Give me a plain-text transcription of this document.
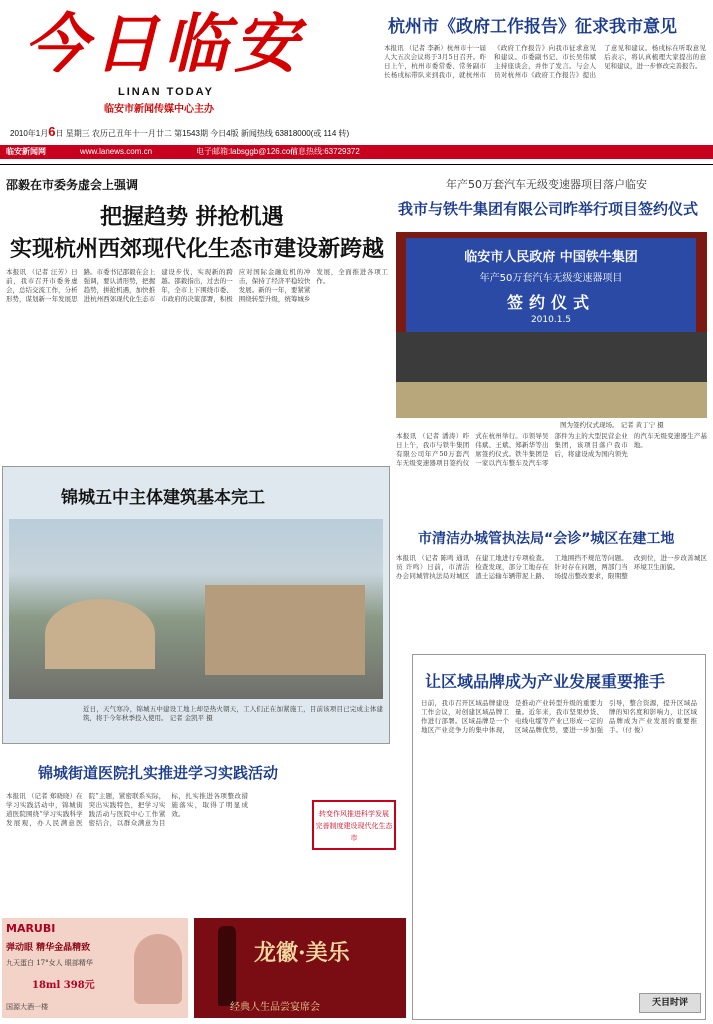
今日临安
LINAN TODAY
临安市新闻传媒中心主办
2010年1月6日 星期三 农历己丑年十一月廿二 第1543期 今日4版 新闻热线 63818000(或 114 转)
临安新闻网	www.lanews.com.cn	电子邮箱:labsggb@126.com
信息热线:63729372
杭州市《政府工作报告》征求我市意见
本报讯 （记者 李新）杭州市十一届人大五次会议将于3月5日召开。昨日上午，杭州市委常委、常务副市长杨戌标带队来到我市，就杭州市《政府工作报告》向我市征求意见和建议。市委副书记、市长吴伟斌主持座谈会，并作了发言。与会人员对杭州市《政府工作报告》提出了意见和建议。杨戌标在听取意见后表示，将认真梳理大家提出的意见和建议，进一步修改完善报告。
邵毅在市委务虚会上强调
把握趋势 拼抢机遇
实现杭州西郊现代化生态市建设新跨越
本报讯 （记者 汪芳）日前，我市召开市委务虚会，总结交流工作，分析形势，谋划新一年发展思路。市委书记邵毅在会上强调，要认清形势，把握趋势，拼抢机遇，加快推进杭州西郊现代化生态市建设步伐，实现新的跨越。邵毅指出，过去的一年，全市上下围绕市委、市政府的决策部署，积极应对国际金融危机的冲击，保持了经济平稳较快发展。新的一年，要紧紧围绕转型升级，统筹城乡发展，全面推进各项工作。
年产50万套汽车无级变速器项目落户临安
我市与铁牛集团有限公司昨举行项目签约仪式
临安市人民政府 中国铁牛集团
年产50万套汽车无级变速器项目
签约仪式
2010.1.5
图为签约仪式现场。 记者 黄丁宁 摄
本报讯 （记者 潘涛）昨日上午，我市与铁牛集团有限公司年产50万套汽车无级变速器项目签约仪式在杭州举行。市领导吴伟斌、王斌、郑新华等出席签约仪式。铁牛集团是一家以汽车整车及汽车零部件为主的大型民营企业集团，该项目落户我市后，将建设成为国内领先的汽车无级变速器生产基地。
锦城五中主体建筑基本完工
近日，天气寒冷，锦城五中建设工地上却是热火朝天，工人们正在加紧施工，目前该项目已完成主体建筑，将于今年秋季投入使用。 记者 金凯平 摄
市清洁办城管执法局“会诊”城区在建工地
本报讯 （记者 陈鸣 通讯员 许鸣）日前，市清洁办会同城管执法局对城区在建工地进行专项检查。检查发现，部分工地存在渣土运输车辆带泥上路、工地围挡不规范等问题。针对存在问题，两部门当场提出整改要求，限期整改到位，进一步改善城区环境卫生面貌。
锦城街道医院扎实推进学习实践活动
本报讯 （记者 郑晓晓）在学习实践活动中，锦城街道医院围绕“学习实践科学发展观，办人民满意医院”主题，紧密联系实际，突出实践特色，把学习实践活动与医院中心工作紧密结合，以群众满意为目标，扎实推进各项整改措施落实，取得了明显成效。	转变作风推进科学发展
完善制度建设现代化生态市
让区域品牌成为产业发展重要推手
日前，我市召开区域品牌建设工作会议，对创建区域品牌工作进行部署。区域品牌是一个地区产业竞争力的集中体现，是推动产业转型升级的重要力量。近年来，我市坚果炒货、电线电缆等产业已形成一定的区域品牌优势，要进一步加强引导，整合资源，提升区域品牌的知名度和影响力，让区域品牌成为产业发展的重要推手。（付 俊）
天目时评
MARUBI
弹动眼 精华金晶精致
九天蛋白 17°女人 眼部精华
18ml 398元
国源大酒一楼
龙徽·美乐
经典人生品尝宴席会
